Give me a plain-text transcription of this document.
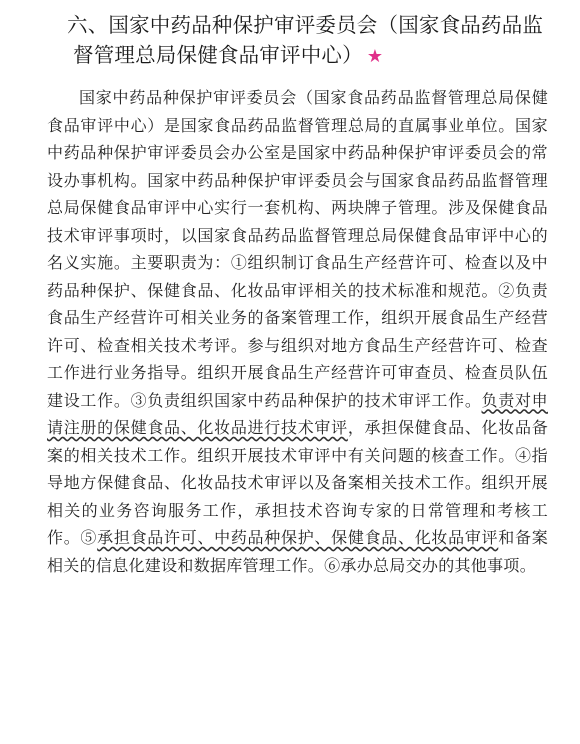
六、国家中药品种保护审评委员会（国家食品药品监督管理总局保健食品审评中心） ★

国家中药品种保护审评委员会（国家食品药品监督管理总局保健食品审评中心）是国家食品药品监督管理总局的直属事业单位。国家中药品种保护审评委员会办公室是国家中药品种保护审评委员会的常设办事机构。国家中药品种保护审评委员会与国家食品药品监督管理总局保健食品审评中心实行一套机构、两块牌子管理。涉及保健食品技术审评事项时，以国家食品药品监督管理总局保健食品审评中心的名义实施。主要职责为：①组织制订食品生产经营许可、检查以及中药品种保护、保健食品、化妆品审评相关的技术标准和规范。②负责食品生产经营许可相关业务的备案管理工作，组织开展食品生产经营许可、检查相关技术考评。参与组织对地方食品生产经营许可、检查工作进行业务指导。组织开展食品生产经营许可审查员、检查员队伍建设工作。③负责组织国家中药品种保护的技术审评工作。负责对申请注册的保健食品、化妆品进行技术审评，承担保健食品、化妆品备案的相关技术工作。组织开展技术审评中有关问题的核查工作。④指导地方保健食品、化妆品技术审评以及备案相关技术工作。组织开展相关的业务咨询服务工作，承担技术咨询专家的日常管理和考核工作。⑤承担食品许可、中药品种保护、保健食品、化妆品审评和备案相关的信息化建设和数据库管理工作。⑥承办总局交办的其他事项。
